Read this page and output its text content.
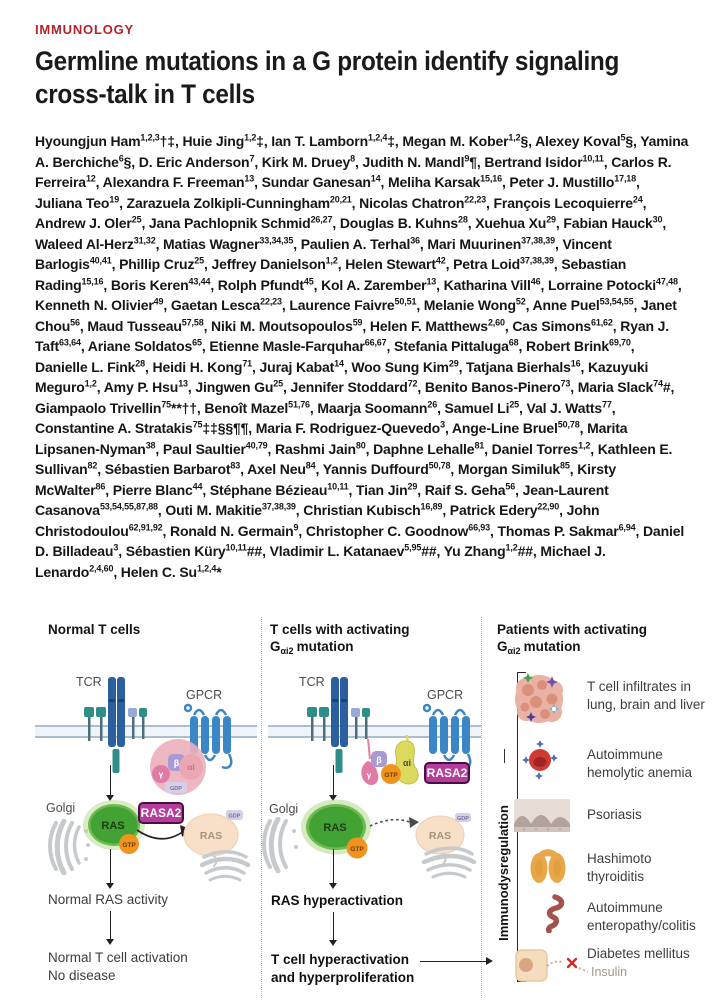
IMMUNOLOGY
Germline mutations in a G protein identify signaling
cross-talk in T cells
Hyoungjun Ham$^{1,2,3}$†‡, Huie Jing$^{1,2}$‡, Ian T. Lamborn$^{1,2,4}$‡, Megan M. Kober$^{1,2}$§, Alexey Koval$^5$§, Yamina A. Berchiche$^6$§, D. Eric Anderson$^7$, Kirk M. Druey$^8$, Judith N. Mandl$^9$¶, Bertrand Isidor$^{10,11}$, Carlos R. Ferreira$^{12}$, Alexandra F. Freeman$^{13}$, Sundar Ganesan$^{14}$, Meliha Karsak$^{15,16}$, Peter J. Mustillo$^{17,18}$, Juliana Teo$^{19}$, Zarazuela Zolkipli-Cunningham$^{20,21}$, Nicolas Chatron$^{22,23}$, François Lecoquierre$^{24}$, Andrew J. Oler$^{25}$, Jana Pachlopnik Schmid$^{26,27}$, Douglas B. Kuhns$^{28}$, Xuehua Xu$^{29}$, Fabian Hauck$^{30}$, Waleed Al-Herz$^{31,32}$, Matias Wagner$^{33,34,35}$, Paulien A. Terhal$^{36}$, Mari Muurinen$^{37,38,39}$, Vincent Barlogis$^{40,41}$, Phillip Cruz$^{25}$, Jeffrey Danielson$^{1,2}$, Helen Stewart$^{42}$, Petra Loid$^{37,38,39}$, Sebastian Rading$^{15,16}$, Boris Keren$^{43,44}$, Rolph Pfundt$^{45}$, Kol A. Zarember$^{13}$, Katharina Vill$^{46}$, Lorraine Potocki$^{47,48}$, Kenneth N. Olivier$^{49}$, Gaetan Lesca$^{22,23}$, Laurence Faivre$^{50,51}$, Melanie Wong$^{52}$, Anne Puel$^{53,54,55}$, Janet Chou$^{56}$, Maud Tusseau$^{57,58}$, Niki M. Moutsopoulos$^{59}$, Helen F. Matthews$^{2,60}$, Cas Simons$^{61,62}$, Ryan J. Taft$^{63,64}$, Ariane Soldatos$^{65}$, Etienne Masle-Farquhar$^{66,67}$, Stefania Pittaluga$^{68}$, Robert Brink$^{69,70}$, Danielle L. Fink$^{28}$, Heidi H. Kong$^{71}$, Juraj Kabat$^{14}$, Woo Sung Kim$^{29}$, Tatjana Bierhals$^{16}$, Kazuyuki Meguro$^{1,2}$, Amy P. Hsu$^{13}$, Jingwen Gu$^{25}$, Jennifer Stoddard$^{72}$, Benito Banos-Pinero$^{73}$, Maria Slack$^{74}$#, Giampaolo Trivellin$^{75}$**††, Benoît Mazel$^{51,76}$, Maarja Soomann$^{26}$, Samuel Li$^{25}$, Val J. Watts$^{77}$, Constantine A. Stratakis$^{75}$‡‡§§¶¶, Maria F. Rodriguez-Quevedo$^3$, Ange-Line Bruel$^{50,78}$, Marita Lipsanen-Nyman$^{38}$, Paul Saultier$^{40,79}$, Rashmi Jain$^{80}$, Daphne Lehalle$^{81}$, Daniel Torres$^{1,2}$, Kathleen E. Sullivan$^{82}$, Sébastien Barbarot$^{83}$, Axel Neu$^{84}$, Yannis Duffourd$^{50,78}$, Morgan Similuk$^{85}$, Kirsty McWalter$^{86}$, Pierre Blanc$^{44}$, Stéphane Bézieau$^{10,11}$, Tian Jin$^{29}$, Raif S. Geha$^{56}$, Jean-Laurent Casanova$^{53,54,55,87,88}$, Outi M. Makitie$^{37,38,39}$, Christian Kubisch$^{16,89}$, Patrick Edery$^{22,90}$, John Christodoulou$^{62,91,92}$, Ronald N. Germain$^9$, Christopher C. Goodnow$^{66,93}$, Thomas P. Sakmar$^{6,94}$, Daniel D. Billadeau$^3$, Sébastien Küry$^{10,11}$##, Vladimir L. Katanaev$^{5,95}$##, Yu Zhang$^{1,2}$##, Michael J. Lenardo$^{2,4,60}$, Helen C. Su$^{1,2,4}$*
Normal T cells
TCR
GPCR
γ
β αi
GDP
Golgi
RAS
GTP
RASA2
RAS
GDP
Normal RAS activity
Normal T cell activation
No disease
T cells with activating
$G_{\alpha i2}$ mutation
TCR
GPCR
γ
β αi
GTP RASA2
Golgi
RAS
GTP
RAS
GDP
RAS hyperactivation
T cell hyperactivation
and hyperproliferation
Patients with activating
$G_{\alpha i2}$ mutation
Immunodysregulation
T cell infiltrates in
lung, brain and liver
Autoimmune
hemolytic anemia
Psoriasis
Hashimoto
thyroiditis
Autoimmune
enteropathy/colitis
Diabetes mellitus
Insulin
